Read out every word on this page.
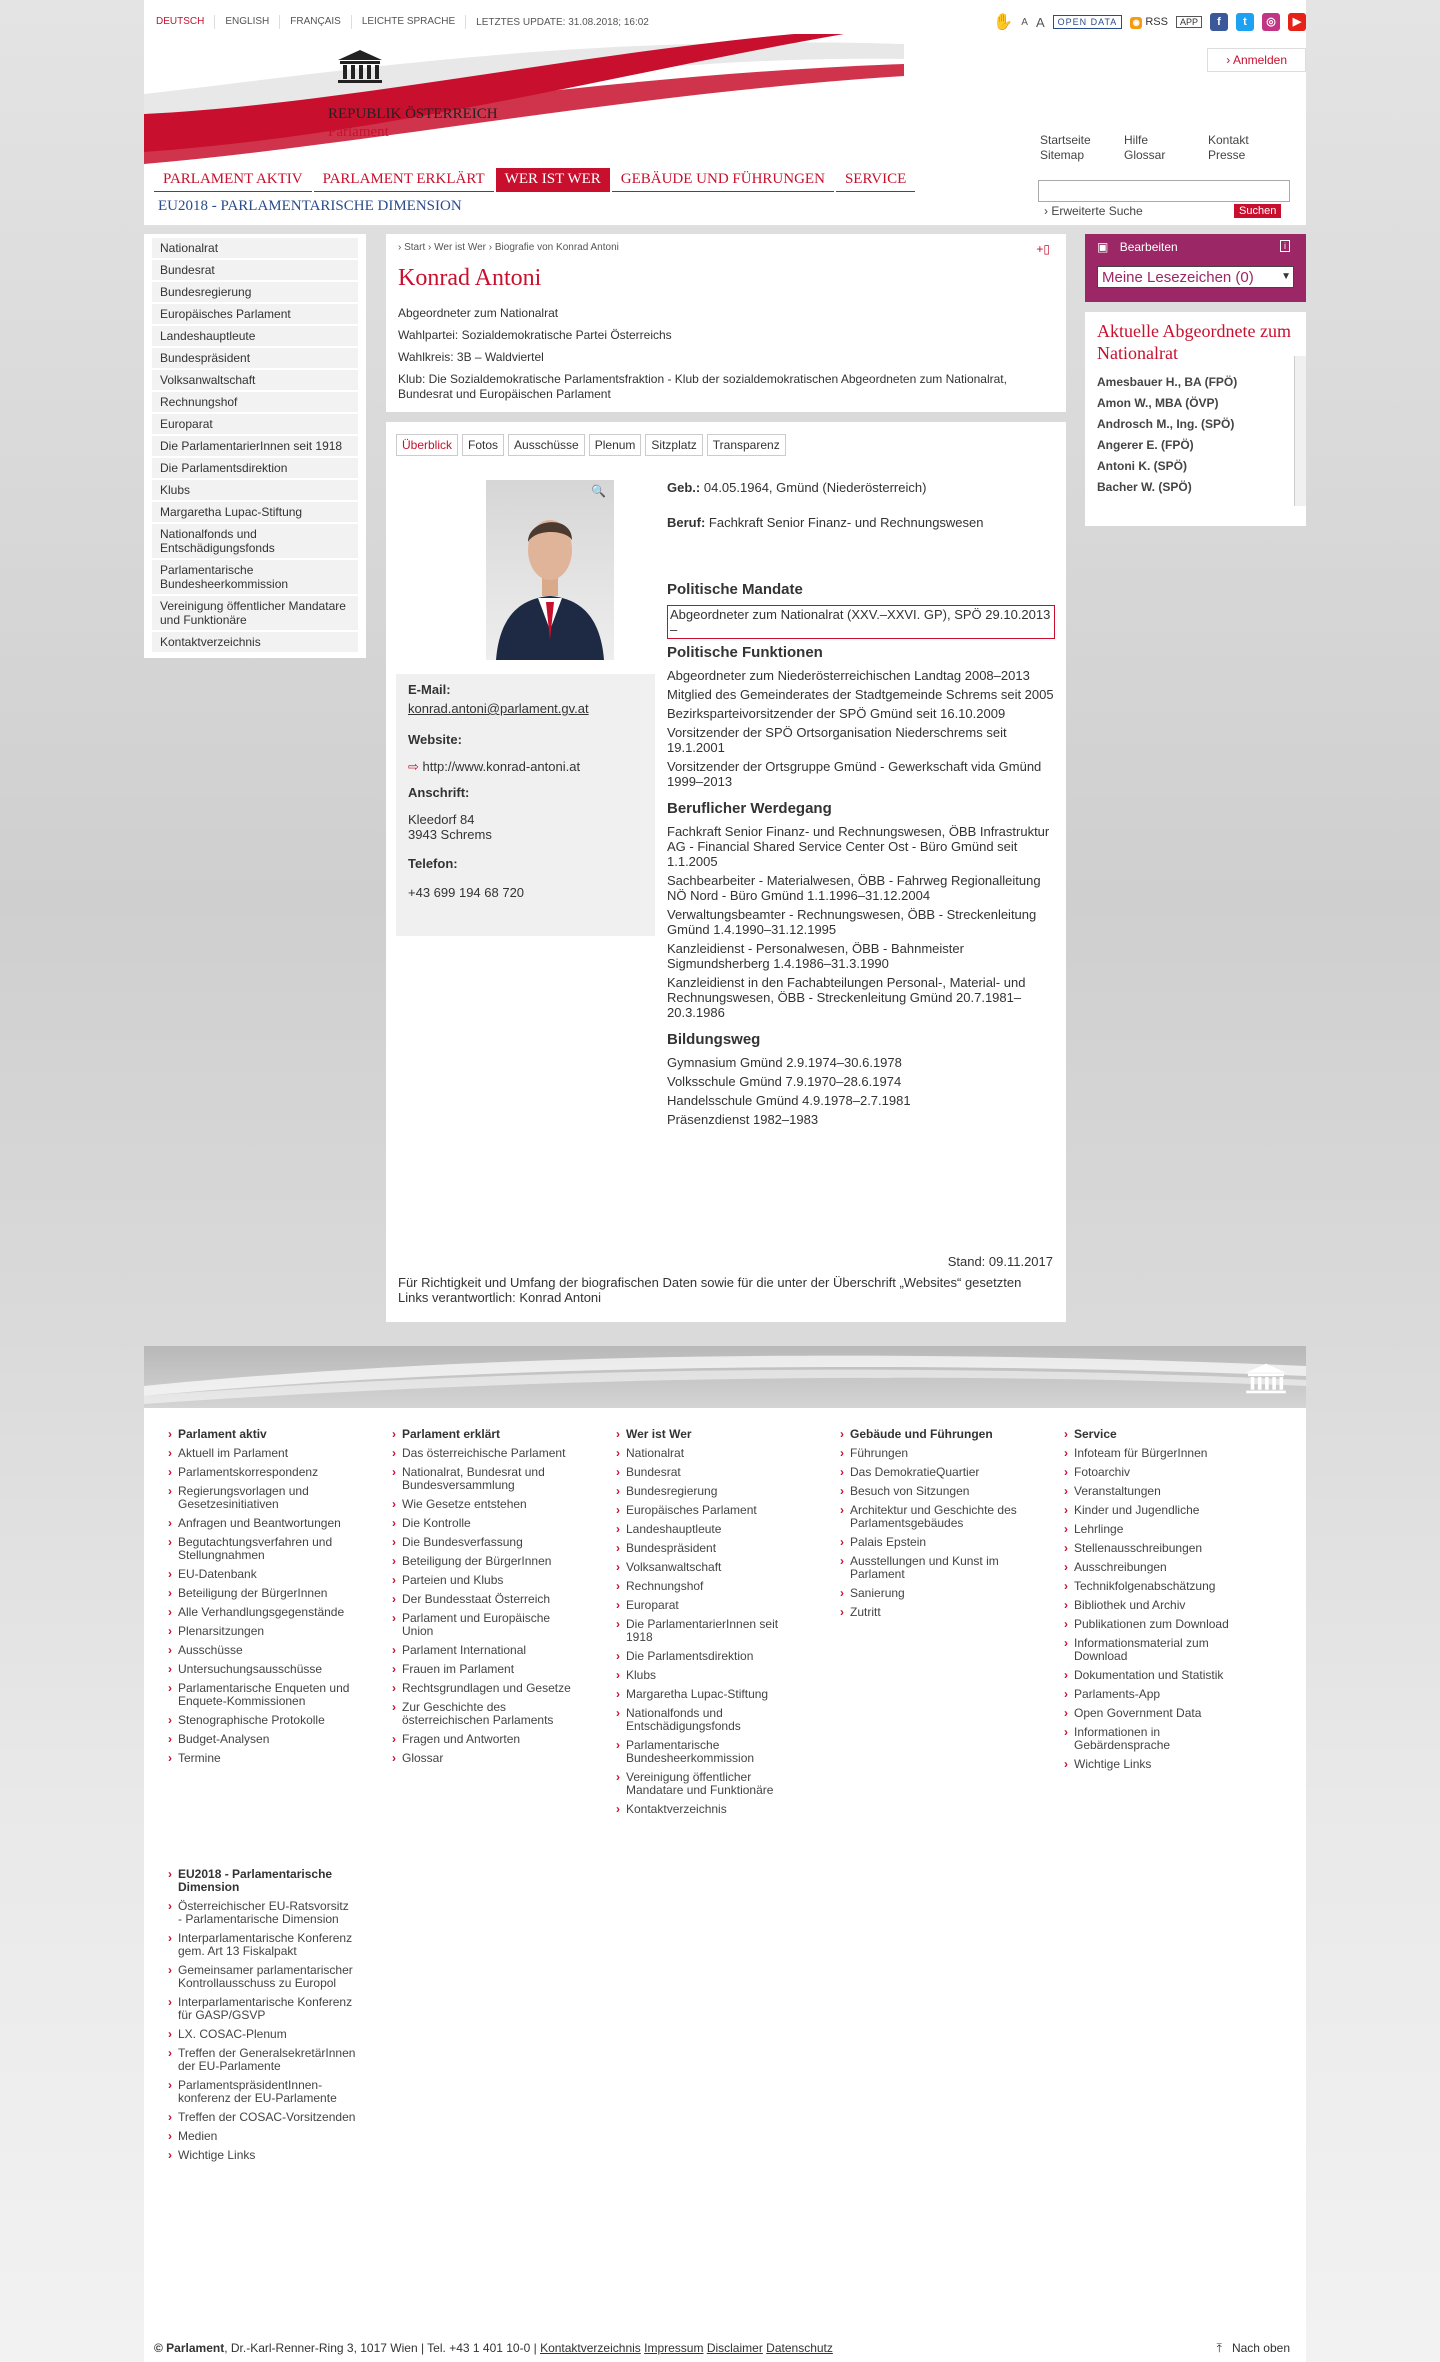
DEUTSCH	ENGLISH	FRANÇAIS	LEICHTE SPRACHE	LETZTES UPDATE: 31.08.2018; 16:02	✋ A A	OPEN DATA	◉ RSS	APP	f	t	◎	▶
REPUBLIK ÖSTERREICH
Parlament
› Anmelden
Startseite
Sitemap
Hilfe
Glossar
Kontakt
Presse
PARLAMENT AKTIV	PARLAMENT ERKLÄRT	WER IST WER	GEBÄUDE UND FÜHRUNGEN	SERVICE
EU2018 - PARLAMENTARISCHE DIMENSION	› Erweiterte Suche	Suchen
Nationalrat
Bundesrat
Bundesregierung
Europäisches Parlament
Landeshauptleute
Bundespräsident
Volksanwaltschaft
Rechnungshof
Europarat
Die ParlamentarierInnen seit 1918
Die Parlamentsdirektion
Klubs
Margaretha Lupac-Stiftung
Nationalfonds und Entschädigungsfonds
Parlamentarische Bundesheerkommission
Vereinigung öffentlicher Mandatare und Funktionäre
Kontaktverzeichnis
› Start › Wer ist Wer › Biografie von Konrad Antoni	+▯
Konrad Antoni

Abgeordneter zum Nationalrat

Wahlpartei: Sozialdemokratische Partei Österreichs

Wahlkreis: 3B – Waldviertel

Klub: Die Sozialdemokratische Parlamentsfraktion - Klub der sozialdemokratischen Abgeordneten zum Nationalrat, Bundesrat und Europäischen Parlament

Überblick	Fotos	Ausschüsse	Plenum	Sitzplatz	Transparenz
🔍
E-Mail:
konrad.antoni@parlament.gv.at
Website:
⇨ http://www.konrad-antoni.at
Anschrift:
Kleedorf 84
3943 Schrems
Telefon:
+43 699 194 68 720

Geb.: 04.05.1964, Gmünd (Niederösterreich)

Beruf: Fachkraft Senior Finanz- und Rechnungswesen

Politische Mandate
Abgeordneter zum Nationalrat (XXV.–XXVI. GP), SPÖ 29.10.2013 –
Politische Funktionen

Abgeordneter zum Niederösterreichischen Landtag 2008–2013

Mitglied des Gemeinderates der Stadtgemeinde Schrems seit 2005

Bezirksparteivorsitzender der SPÖ Gmünd seit 16.10.2009

Vorsitzender der SPÖ Ortsorganisation Niederschrems seit 19.1.2001

Vorsitzender der Ortsgruppe Gmünd - Gewerkschaft vida Gmünd 1999–2013

Beruflicher Werdegang

Fachkraft Senior Finanz- und Rechnungswesen, ÖBB Infrastruktur AG - Financial Shared Service Center Ost - Büro Gmünd seit 1.1.2005

Sachbearbeiter - Materialwesen, ÖBB - Fahrweg Regionalleitung NÖ Nord - Büro Gmünd 1.1.1996–31.12.2004

Verwaltungsbeamter - Rechnungswesen, ÖBB - Streckenleitung Gmünd 1.4.1990–31.12.1995

Kanzleidienst - Personalwesen, ÖBB - Bahnmeister Sigmundsherberg 1.4.1986–31.3.1990

Kanzleidienst in den Fachabteilungen Personal-, Material- und Rechnungswesen, ÖBB - Streckenleitung Gmünd 20.7.1981–20.3.1986

Bildungsweg

Gymnasium Gmünd 2.9.1974–30.6.1978

Volksschule Gmünd 7.9.1970–28.6.1974

Handelsschule Gmünd 4.9.1978–2.7.1981

Präsenzdienst 1982–1983

Stand: 09.11.2017
Für Richtigkeit und Umfang der biografischen Daten sowie für die unter der Überschrift „Websites“ gesetzten Links verantwortlich: Konrad Antoni
▣ Bearbeiten	i
Meine Lesezeichen (0)	▼
Aktuelle Abgeordnete zum Nationalrat

Amesbauer H., BA (FPÖ)

Amon W., MBA (ÖVP)

Androsch M., Ing. (SPÖ)

Angerer E. (FPÖ)

Antoni K. (SPÖ)

Bacher W. (SPÖ)

› Parlament aktiv
› Aktuell im Parlament
› Parlamentskorrespondenz
› Regierungsvorlagen und Gesetzesinitiativen
› Anfragen und Beantwortungen
› Begutachtungsverfahren und Stellungnahmen
› EU-Datenbank
› Beteiligung der BürgerInnen
› Alle Verhandlungsgegenstände
› Plenarsitzungen
› Ausschüsse
› Untersuchungsausschüsse
› Parlamentarische Enqueten und Enquete-Kommissionen
› Stenographische Protokolle
› Budget-Analysen
› Termine
› Parlament erklärt
› Das österreichische Parlament
› Nationalrat, Bundesrat und Bundesversammlung
› Wie Gesetze entstehen
› Die Kontrolle
› Die Bundesverfassung
› Beteiligung der BürgerInnen
› Parteien und Klubs
› Der Bundesstaat Österreich
› Parlament und Europäische Union
› Parlament International
› Frauen im Parlament
› Rechtsgrundlagen und Gesetze
› Zur Geschichte des österreichischen Parlaments
› Fragen und Antworten
› Glossar
› Wer ist Wer
› Nationalrat
› Bundesrat
› Bundesregierung
› Europäisches Parlament
› Landeshauptleute
› Bundespräsident
› Volksanwaltschaft
› Rechnungshof
› Europarat
› Die ParlamentarierInnen seit 1918
› Die Parlamentsdirektion
› Klubs
› Margaretha Lupac-Stiftung
› Nationalfonds und Entschädigungsfonds
› Parlamentarische Bundesheerkommission
› Vereinigung öffentlicher Mandatare und Funktionäre
› Kontaktverzeichnis
› Gebäude und Führungen
› Führungen
› Das DemokratieQuartier
› Besuch von Sitzungen
› Architektur und Geschichte des Parlamentsgebäudes
› Palais Epstein
› Ausstellungen und Kunst im Parlament
› Sanierung
› Zutritt
› Service
› Infoteam für BürgerInnen
› Fotoarchiv
› Veranstaltungen
› Kinder und Jugendliche
› Lehrlinge
› Stellenausschreibungen
› Ausschreibungen
› Technikfolgenabschätzung
› Bibliothek und Archiv
› Publikationen zum Download
› Informationsmaterial zum Download
› Dokumentation und Statistik
› Parlaments-App
› Open Government Data
› Informationen in Gebärdensprache
› Wichtige Links
› EU2018 - Parlamentarische Dimension
› Österreichischer EU-Ratsvorsitz - Parlamentarische Dimension
› Interparlamentarische Konferenz gem. Art 13 Fiskalpakt
› Gemeinsamer parlamentarischer Kontrollausschuss zu Europol
› Interparlamentarische Konferenz für GASP/GSVP
› LX. COSAC-Plenum
› Treffen der GeneralsekretärInnen der EU-Parlamente
› ParlamentspräsidentInnen-konferenz der EU-Parlamente
› Treffen der COSAC-Vorsitzenden
› Medien
› Wichtige Links
© Parlament, Dr.-Karl-Renner-Ring 3, 1017 Wien | Tel. +43 1 401 10-0 | Kontaktverzeichnis Impressum Disclaimer Datenschutz	⤒ Nach oben
